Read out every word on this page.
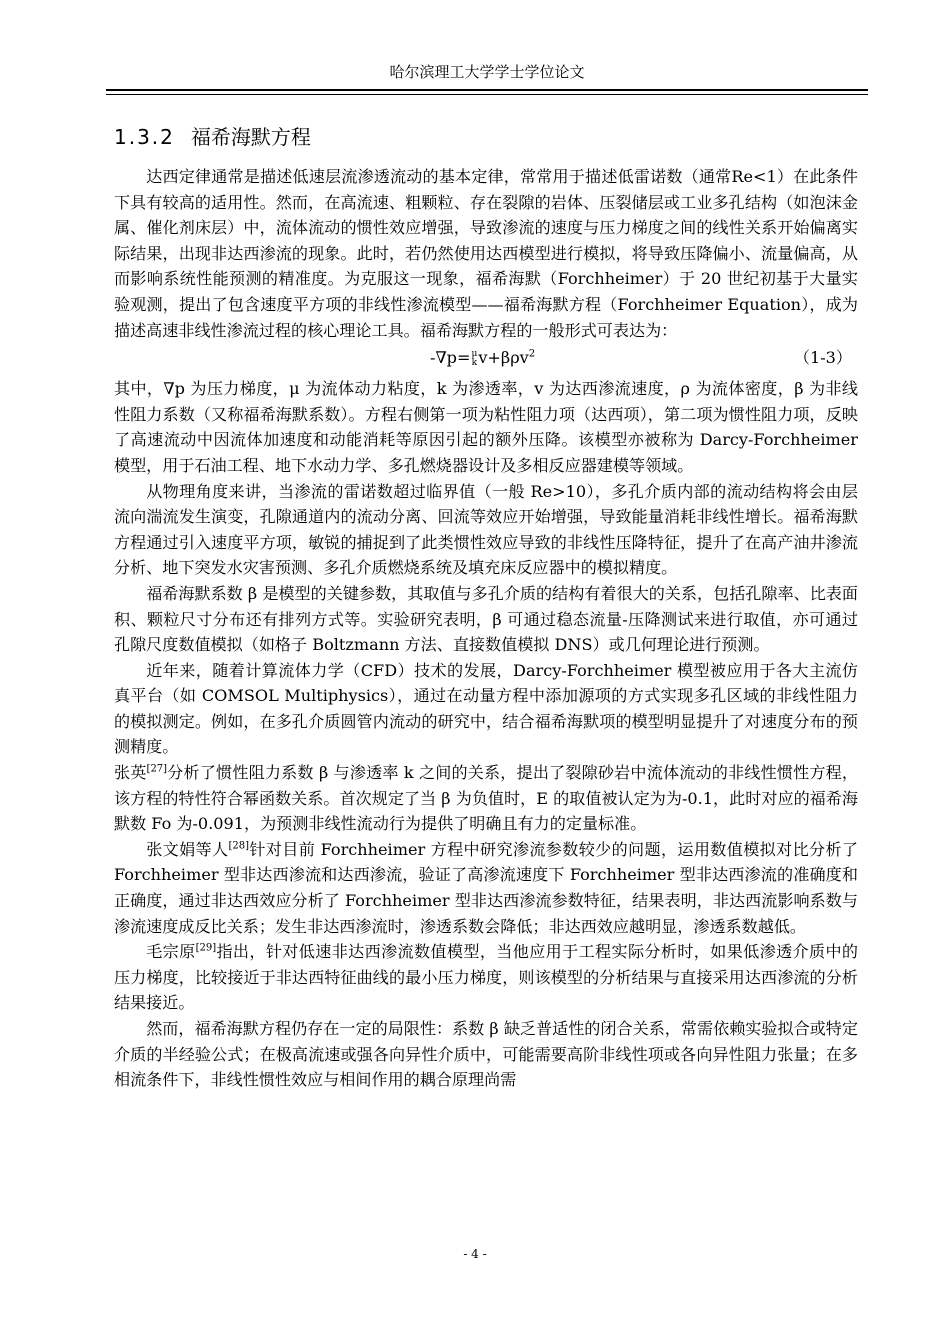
哈尔滨理工大学学士学位论文
1.3.2 福希海默方程

达西定律通常是描述低速层流渗透流动的基本定律，常常用于描述低雷诺数（通常Re<1）在此条件下具有较高的适用性。然而，在高流速、粗颗粒、存在裂隙的岩体、压裂储层或工业多孔结构（如泡沫金属、催化剂床层）中，流体流动的惯性效应增强，导致渗流的速度与压力梯度之间的线性关系开始偏离实际结果，出现非达西渗流的现象。此时，若仍然使用达西模型进行模拟，将导致压降偏小、流量偏高，从而影响系统性能预测的精准度。为克服这一现象，福希海默（Forchheimer）于 20 世纪初基于大量实验观测，提出了包含速度平方项的非线性渗流模型——福希海默方程（Forchheimer Equation），成为描述高速非线性渗流过程的核心理论工具。福希海默方程的一般形式可表达为：

-∇p= μ
k v+βρv$^2$	（1-3）

其中，∇p 为压力梯度，μ 为流体动力粘度，k 为渗透率，v 为达西渗流速度，ρ 为流体密度，β 为非线性阻力系数（又称福希海默系数）。方程右侧第一项为粘性阻力项（达西项），第二项为惯性阻力项，反映了高速流动中因流体加速度和动能消耗等原因引起的额外压降。该模型亦被称为 Darcy-Forchheimer 模型，用于石油工程、地下水动力学、多孔燃烧器设计及多相反应器建模等领域。

从物理角度来讲，当渗流的雷诺数超过临界值（一般 Re>10），多孔介质内部的流动结构将会由层流向湍流发生演变，孔隙通道内的流动分离、回流等效应开始增强，导致能量消耗非线性增长。福希海默方程通过引入速度平方项，敏锐的捕捉到了此类惯性效应导致的非线性压降特征，提升了在高产油井渗流分析、地下突发水灾害预测、多孔介质燃烧系统及填充床反应器中的模拟精度。

福希海默系数 β 是模型的关键参数，其取值与多孔介质的结构有着很大的关系，包括孔隙率、比表面积、颗粒尺寸分布还有排列方式等。实验研究表明，β 可通过稳态流量-压降测试来进行取值，亦可通过孔隙尺度数值模拟（如格子 Boltzmann 方法、直接数值模拟 DNS）或几何理论进行预测。

近年来，随着计算流体力学（CFD）技术的发展，Darcy-Forchheimer 模型被应用于各大主流仿真平台（如 COMSOL Multiphysics），通过在动量方程中添加源项的方式实现多孔区域的非线性阻力的模拟测定。例如，在多孔介质圆管内流动的研究中，结合福希海默项的模型明显提升了对速度分布的预测精度。

张英[27]分析了惯性阻力系数 β 与渗透率 k 之间的关系，提出了裂隙砂岩中流体流动的非线性惯性方程，该方程的特性符合幂函数关系。首次规定了当 β 为负值时，E 的取值被认定为为-0.1，此时对应的福希海默数 Fo 为-0.091，为预测非线性流动行为提供了明确且有力的定量标准。

张文娟等人[28]针对目前 Forchheimer 方程中研究渗流参数较少的问题，运用数值模拟对比分析了 Forchheimer 型非达西渗流和达西渗流，验证了高渗流速度下 Forchheimer 型非达西渗流的准确度和正确度，通过非达西效应分析了 Forchheimer 型非达西渗流参数特征，结果表明，非达西流影响系数与渗流速度成反比关系；发生非达西渗流时，渗透系数会降低；非达西效应越明显，渗透系数越低。

毛宗原[29]指出，针对低速非达西渗流数值模型，当他应用于工程实际分析时，如果低渗透介质中的压力梯度，比较接近于非达西特征曲线的最小压力梯度，则该模型的分析结果与直接采用达西渗流的分析结果接近。

然而，福希海默方程仍存在一定的局限性：系数 β 缺乏普适性的闭合关系，常需依赖实验拟合或特定介质的半经验公式；在极高流速或强各向异性介质中，可能需要高阶非线性项或各向异性阻力张量；在多相流条件下，非线性惯性效应与相间作用的耦合原理尚需

- 4 -
